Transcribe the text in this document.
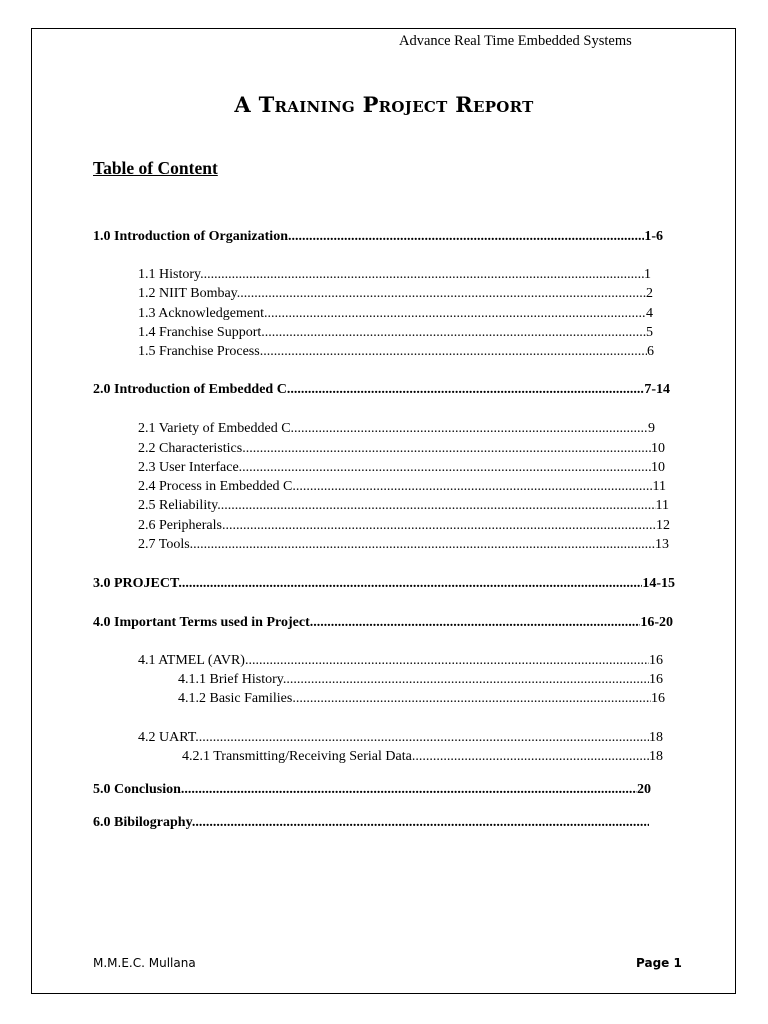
Advance Real Time Embedded Systems
A Training Project Report
Table of Content
1.0 Introduction of Organization .....	1-6
1.1 History .....	1
1.2 NIIT Bombay .....	2
1.3 Acknowledgement .....	4
1.4 Franchise Support .....	5
1.5 Franchise Process .....	6
2.0 Introduction of Embedded C .....	7-14
2.1 Variety of Embedded C .....	9
2.2 Characteristics .....	10
2.3 User Interface .....	10
2.4 Process in Embedded C .....	11
2.5 Reliability .....	11
2.6 Peripherals .....	12
2.7 Tools .....	13
3.0 PROJECT .....	14-15
4.0 Important Terms used in Project .....	16-20
4.1 ATMEL (AVR) .....	16
4.1.1 Brief History .....	16
4.1.2 Basic Families .....	16
4.2 UART .....	18
4.2.1 Transmitting/Receiving Serial Data .....	18
5.0 Conclusion .....	20
6.0 Bibilography .....
M.M.E.C. Mullana	Page 1
